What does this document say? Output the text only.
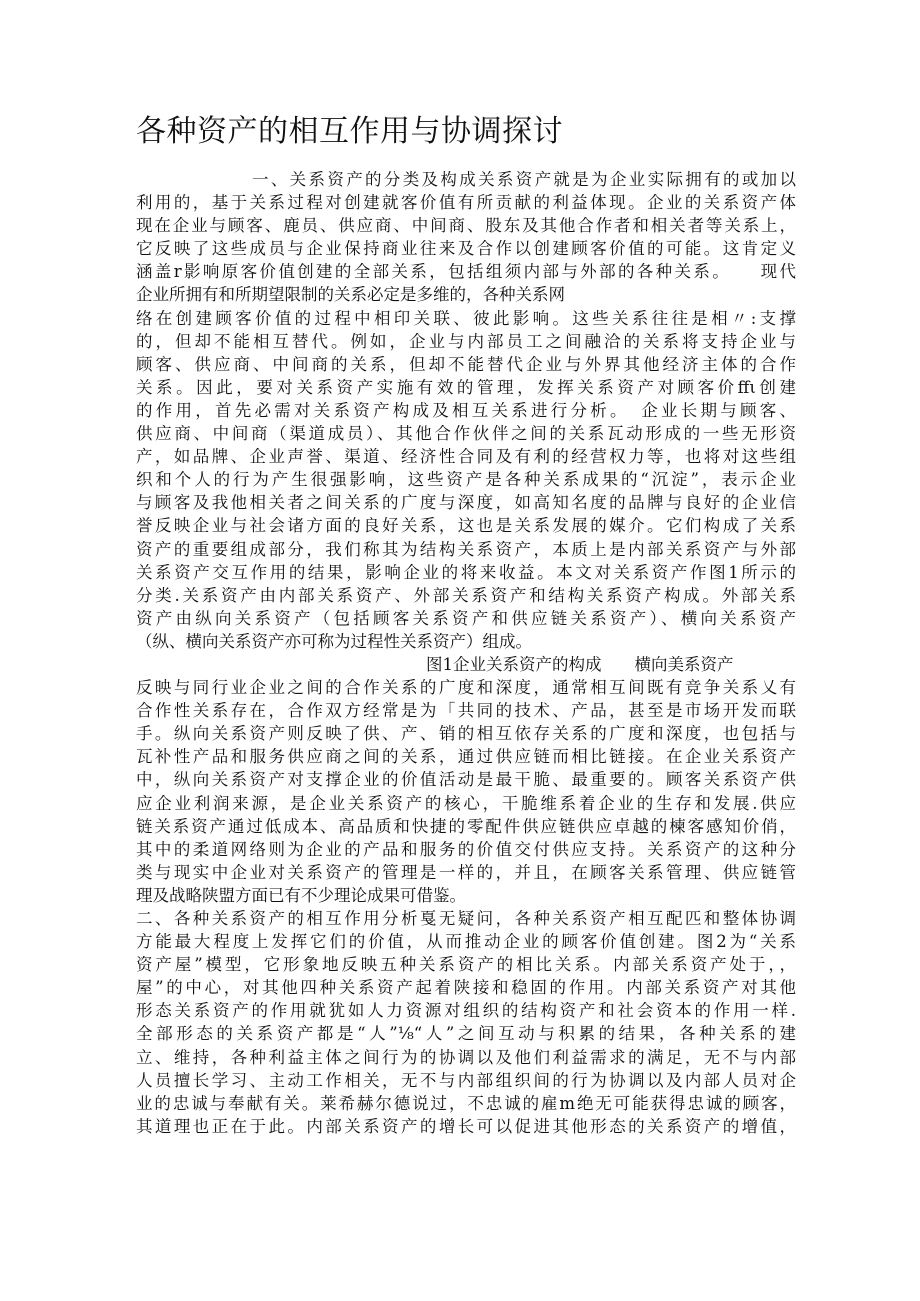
各种资产的相互作用与协调探讨
一、关系资产的分类及构成关系资产就是为企业实际拥有的或加以
利用的，基于关系过程对创建就客价值有所贡献的利益体现。企业的关系资产体
现在企业与顾客、鹿员、供应商、中间商、股东及其他合作者和相关者等关系上，
它反映了这些成员与企业保持商业往来及合作以创建顾客价值的可能。这肯定义
涵盖r影响原客价值创建的全部关系，包括组须内部与外部的各种关系。　　现代
企业所拥有和所期望限制的关系必定是多维的，各种关系网
络在创建顾客价值的过程中相印关联、彼此影响。这些关系往往是相〃:支撑
的，但却不能相互替代。例如，企业与内部员工之间融洽的关系将支持企业与
顾客、供应商、中间商的关系，但却不能替代企业与外界其他经济主体的合作
关系。因此，要对关系资产实施有效的管理，发挥关系资产对顾客价ffι创建
的作用，首先必需对关系资产构成及相互关系进行分析。　企业长期与顾客、
供应商、中间商（渠道成员）、其他合作伙伴之间的关系瓦动形成的一些无形资
产，如品牌、企业声誉、渠道、经济性合同及有利的经营权力等，也将对这些组
织和个人的行为产生很强影响，这些资产是各种关系成果的“沉淀”，表示企业
与顾客及我他相关者之间关系的广度与深度，如高知名度的品牌与良好的企业信
誉反映企业与社会诸方面的良好关系，这也是关系发展的媒介。它们构成了关系
资产的重要组成部分，我们称其为结构关系资产，本质上是内部关系资产与外部
关系资产交互作用的结果，影响企业的将来收益。本文对关系资产作图1所示的
分类.关系资产由内部关系资产、外部关系资产和结构关系资产构成。外部关系
资产由纵向关系资产（包括顾客关系资产和供应链关系资产）、横向关系资产
（纵、横向关系资产亦可称为过程性关系资产）组成。
图1企业关系资产的构成　　横向美系资产
反映与同行业企业之间的合作关系的广度和深度，通常相互间既有竞争关系乂有
合作性关系存在，合作双方经常是为「共同的技术、产品，甚至是市场开发而联
手。纵向关系资产则反映了供、产、销的相互依存关系的广度和深度，也包括与
瓦补性产品和服务供应商之间的关系，通过供应链而相比链接。在企业关系资产
中，纵向关系资产对支撑企业的价值活动是最干脆、最重要的。顾客关系资产供
应企业利润来源，是企业关系资产的核心，干脆维系着企业的生存和发展.供应
链关系资产通过低成本、高品质和快捷的零配件供应链供应卓越的楝客感知价俏，
其中的柔道网络则为企业的产品和服务的价值交付供应支持。关系资产的这种分
类与现实中企业对关系资产的管理是一样的，并且，在顾客关系管理、供应链管
理及战略陕盟方面已有不少理论成果可借鉴。
二、各种关系资产的相互作用分析戛无疑问，各种关系资产相互配匹和整体协调
方能最大程度上发挥它们的价值，从而推动企业的顾客价值创建。图2为“关系
资产屋”模型，它形象地反映五种关系资产的相比关系。内部关系资产处于，，
屋”的中心，对其他四种关系资产起着陕接和稳固的作用。内部关系资产对其他
形态关系资产的作用就犹如人力资源对组织的结构资产和社会资本的作用一样.
全部形态的关系资产都是“人”⅛“人”之间互动与积累的结果，各种关系的建
立、维持，各种利益主体之间行为的协调以及他们利益需求的满足，无不与内部
人员擅长学习、主动工作相关，无不与内部组织间的行为协调以及内部人员对企
业的忠诚与奉献有关。莱希赫尔德说过，不忠诚的雇m绝无可能获得忠诚的顾客，
其道理也正在于此。内部关系资产的增长可以促进其他形态的关系资产的增值，
